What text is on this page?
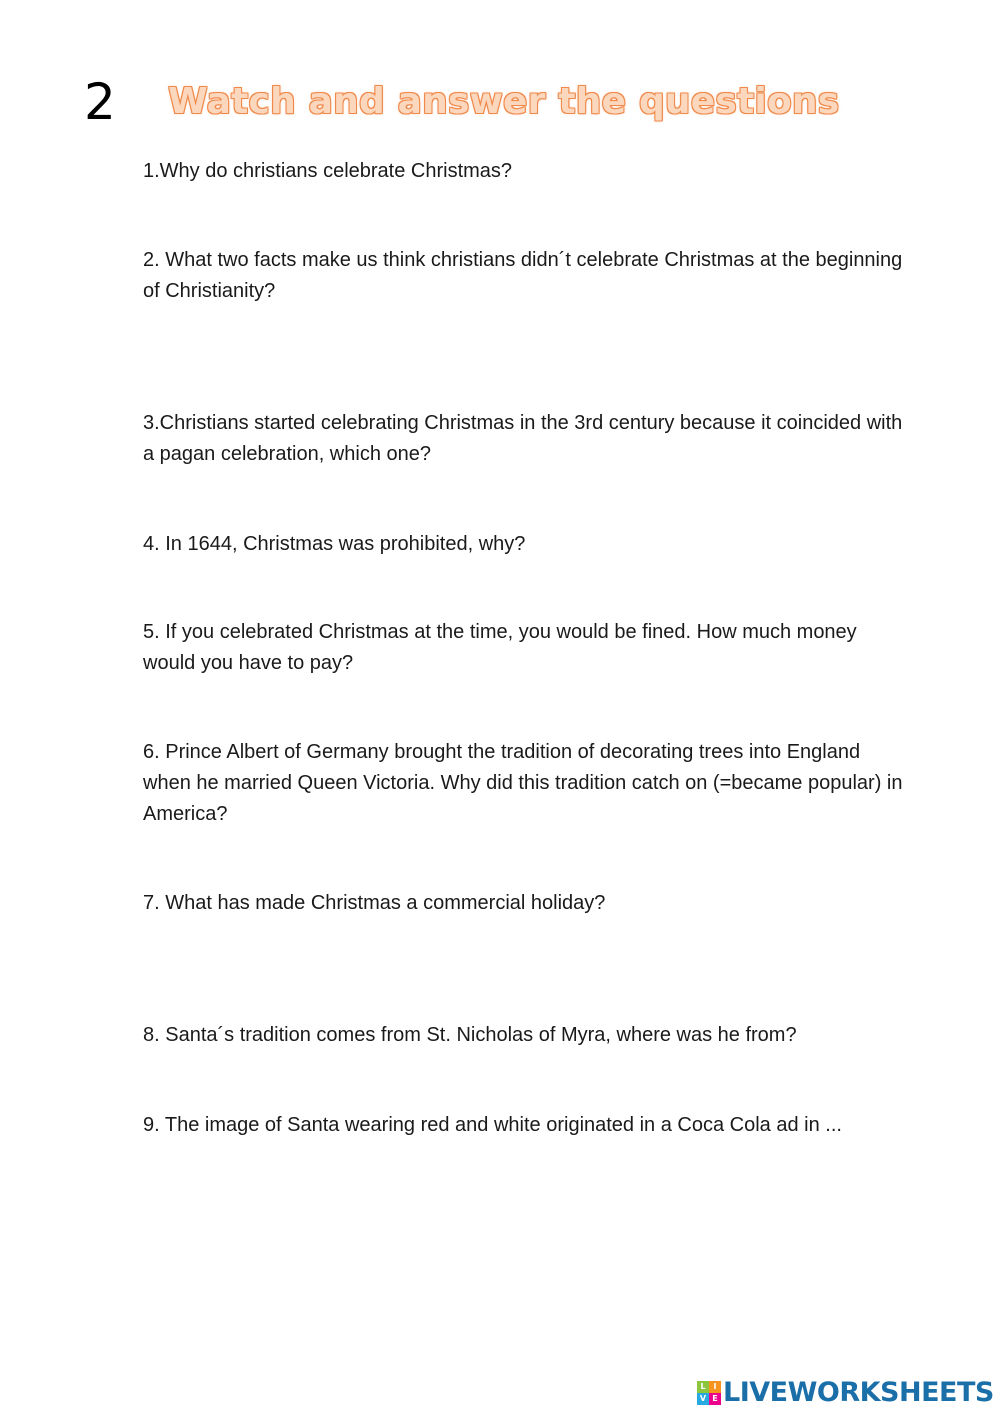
2 Watch and answer the questions
1.Why do christians celebrate Christmas?
2. What two facts make us think christians didn´t celebrate Christmas at the beginning of Christianity?
3.Christians started celebrating Christmas in the 3rd century because it coincided with a pagan celebration, which one?
4. In 1644, Christmas was prohibited, why?
5. If you celebrated Christmas at the time, you would be fined. How much money would you have to pay?
6. Prince Albert of Germany brought the tradition of decorating trees into England when he married Queen Victoria. Why did this tradition catch on (=became popular) in America?
7. What has made Christmas a commercial holiday?
8. Santa´s tradition comes from St. Nicholas of Myra, where was he from?
9. The image of Santa wearing red and white originated in a Coca Cola ad in ...
L I
V E LIVEWORKSHEETS
